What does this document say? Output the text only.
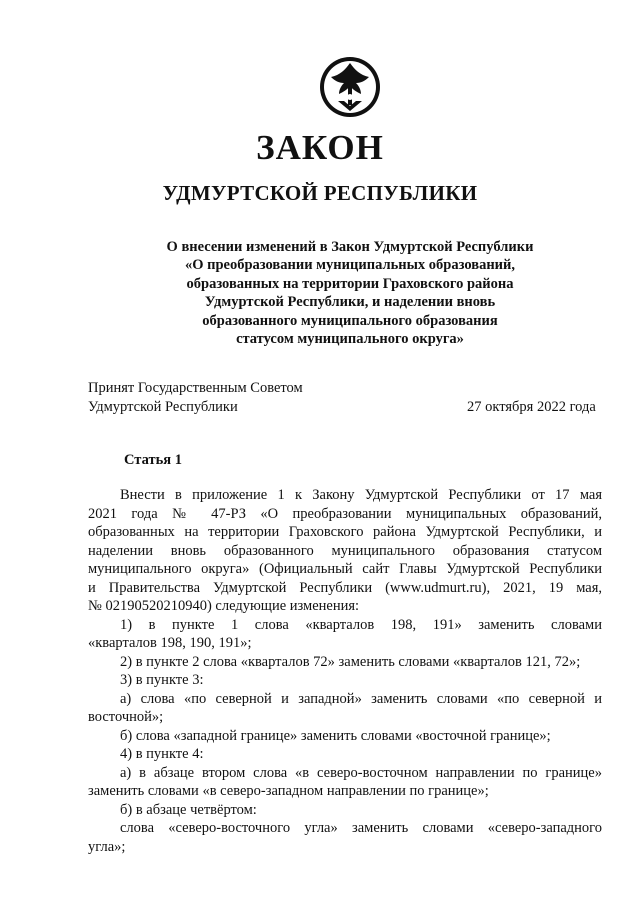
ЗАКОН
УДМУРТСКОЙ РЕСПУБЛИКИ
О внесении изменений в Закон Удмуртской Республики
«О преобразовании муниципальных образований,
образованных на территории Граховского района
Удмуртской Республики, и наделении вновь
образованного муниципального образования
статусом муниципального округа»
Принят Государственным Советом
Удмуртской Республики	27 октября 2022 года
Статья 1
Внести в приложение 1 к Закону Удмуртской Республики от 17 мая
2021 года № 47-РЗ «О преобразовании муниципальных образований,
образованных на территории Граховского района Удмуртской Республики, и
наделении вновь образованного муниципального образования статусом
муниципального округа» (Официальный сайт Главы Удмуртской Республики
и Правительства Удмуртской Республики (www.udmurt.ru), 2021, 19 мая,
№ 02190520210940) следующие изменения:
1) в пункте 1 слова «кварталов 198, 191» заменить словами
«кварталов 198, 190, 191»;
2) в пункте 2 слова «кварталов 72» заменить словами «кварталов 121, 72»;
3) в пункте 3:
а) слова «по северной и западной» заменить словами «по северной и
восточной»;
б) слова «западной границе» заменить словами «восточной границе»;
4) в пункте 4:
а) в абзаце втором слова «в северо-восточном направлении по границе»
заменить словами «в северо-западном направлении по границе»;
б) в абзаце четвёртом:
слова «северо-восточного угла» заменить словами «северо-западного
угла»;
